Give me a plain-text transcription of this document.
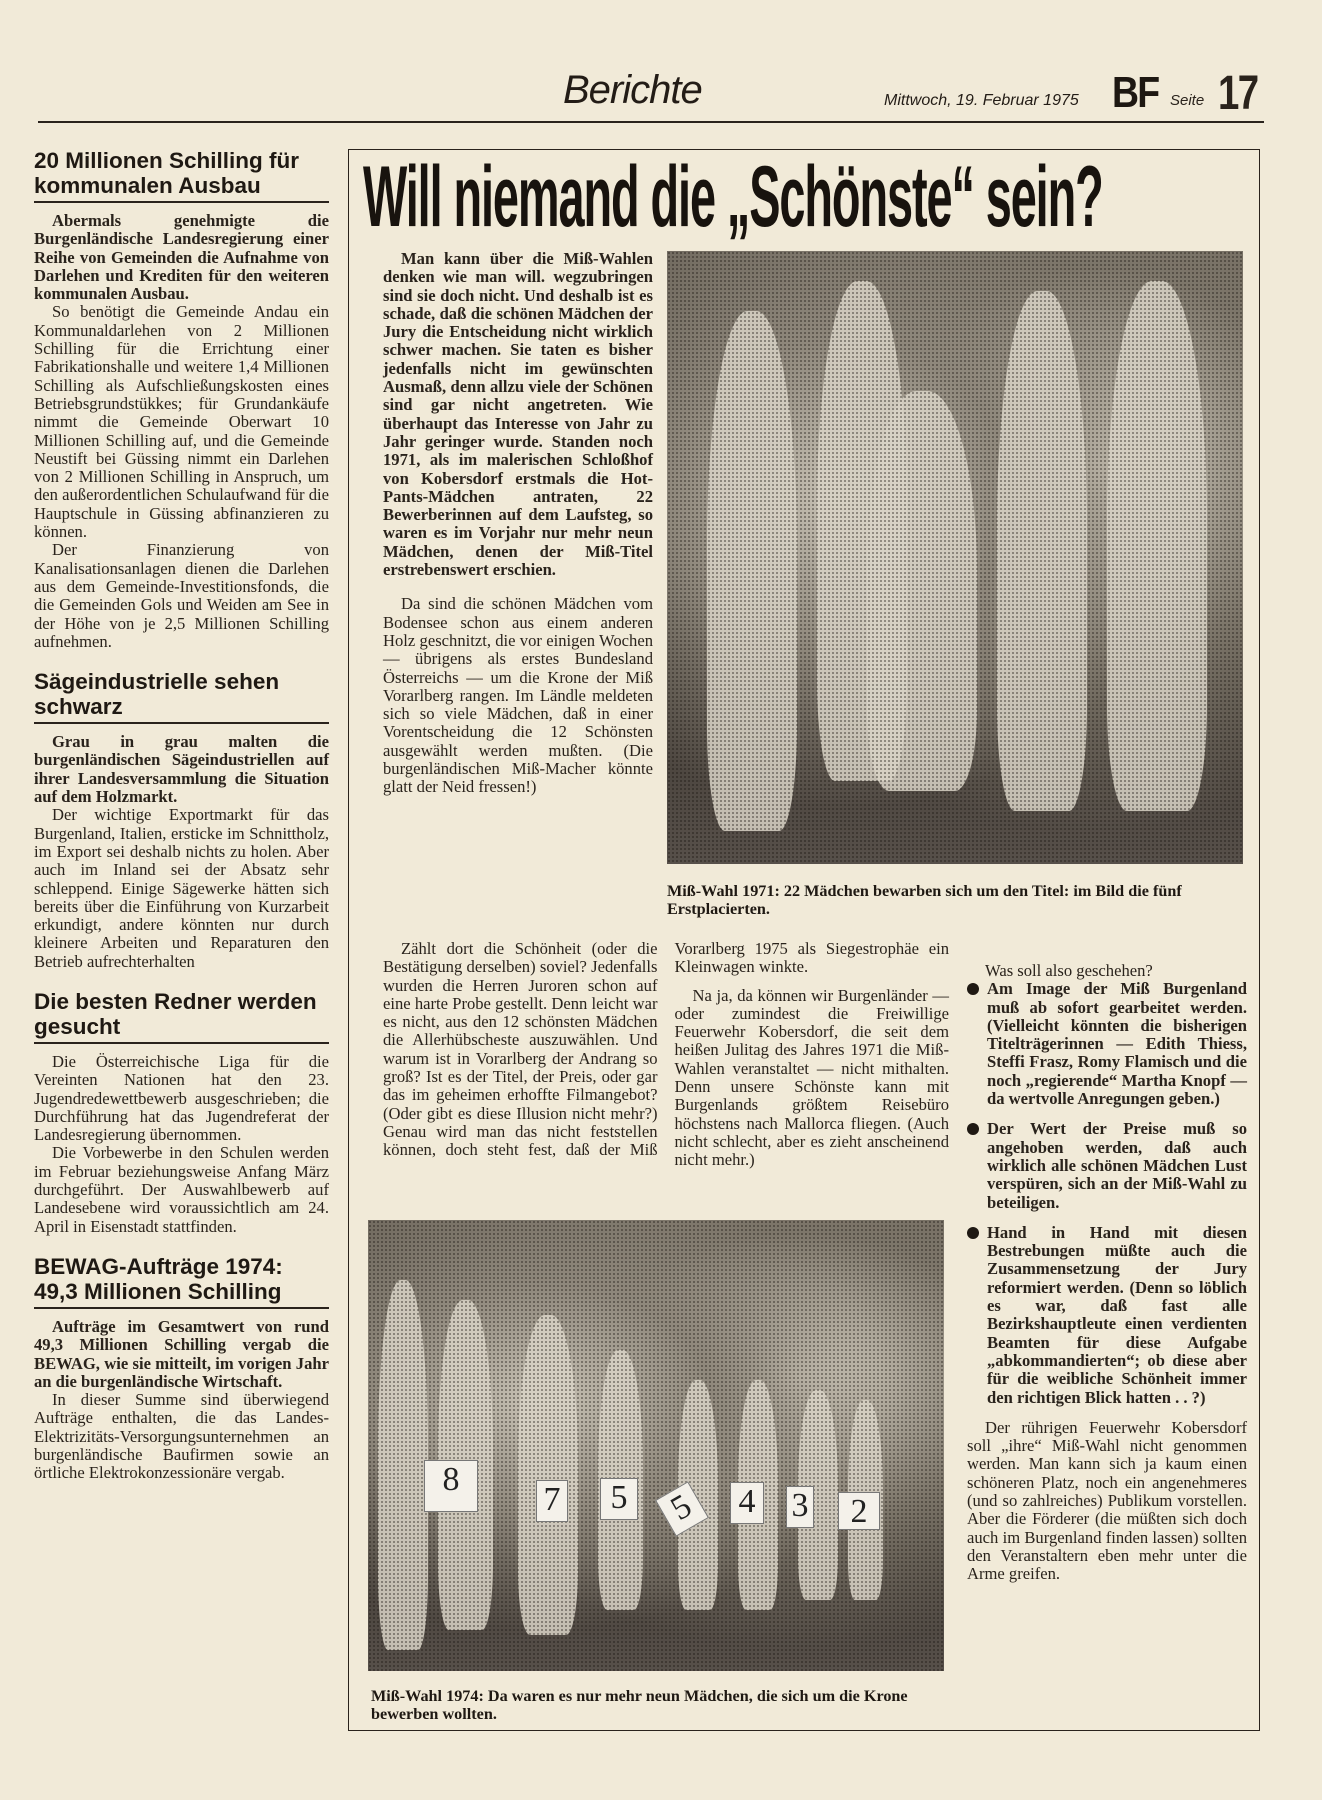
Berichte	Mittwoch, 19. Februar 1975 BF Seite 17
20 Millionen Schilling für kommunalen Ausbau

Abermals genehmigte die Burgenländische Landesregierung einer Reihe von Gemeinden die Aufnahme von Darlehen und Krediten für den weiteren kommunalen Ausbau.

So benötigt die Gemeinde Andau ein Kommunaldarlehen von 2 Millionen Schilling für die Errichtung einer Fabrikationshalle und weitere 1,4 Millionen Schilling als Aufschließungskosten eines Betriebsgrundstükkes; für Grundankäufe nimmt die Gemeinde Oberwart 10 Millionen Schilling auf, und die Gemeinde Neustift bei Güssing nimmt ein Darlehen von 2 Millionen Schilling in Anspruch, um den außerordentlichen Schulaufwand für die Hauptschule in Güssing abfinanzieren zu können.

Der Finanzierung von Kanalisationsanlagen dienen die Darlehen aus dem Gemeinde-Investitionsfonds, die die Gemeinden Gols und Weiden am See in der Höhe von je 2,5 Millionen Schilling aufnehmen.

Sägeindustrielle sehen schwarz

Grau in grau malten die burgenländischen Sägeindustriellen auf ihrer Landesversammlung die Situation auf dem Holzmarkt.

Der wichtige Exportmarkt für das Burgenland, Italien, ersticke im Schnittholz, im Export sei deshalb nichts zu holen. Aber auch im Inland sei der Absatz sehr schleppend. Einige Sägewerke hätten sich bereits über die Einführung von Kurzarbeit erkundigt, andere könnten nur durch kleinere Arbeiten und Reparaturen den Betrieb aufrechterhalten

Die besten Redner werden gesucht

Die Österreichische Liga für die Vereinten Nationen hat den 23. Jugendredewettbewerb ausgeschrieben; die Durchführung hat das Jugendreferat der Landesregierung übernommen.

Die Vorbewerbe in den Schulen werden im Februar beziehungsweise Anfang März durchgeführt. Der Auswahlbewerb auf Landesebene wird voraussichtlich am 24. April in Eisenstadt stattfinden.

BEWAG-Aufträge 1974: 49,3 Millionen Schilling

Aufträge im Gesamtwert von rund 49,3 Millionen Schilling vergab die BEWAG, wie sie mitteilt, im vorigen Jahr an die burgenländische Wirtschaft.

In dieser Summe sind überwiegend Aufträge enthalten, die das Landes-Elektrizitäts-Versorgungsunternehmen an burgenländische Baufirmen sowie an örtliche Elektrokonzessionäre vergab.

Will niemand die „Schönste“ sein?

Man kann über die Miß-Wahlen denken wie man will. wegzubringen sind sie doch nicht. Und deshalb ist es schade, daß die schönen Mädchen der Jury die Entscheidung nicht wirklich schwer machen. Sie taten es bisher jedenfalls nicht im gewünschten Ausmaß, denn allzu viele der Schönen sind gar nicht angetreten. Wie überhaupt das Interesse von Jahr zu Jahr geringer wurde. Standen noch 1971, als im malerischen Schloßhof von Kobersdorf erstmals die Hot-Pants-Mädchen antraten, 22 Bewerberinnen auf dem Laufsteg, so waren es im Vorjahr nur mehr neun Mädchen, denen der Miß-Titel erstrebenswert erschien.

Da sind die schönen Mädchen vom Bodensee schon aus einem anderen Holz geschnitzt, die vor einigen Wochen — übrigens als erstes Bundesland Österreichs — um die Krone der Miß Vorarlberg rangen. Im Ländle meldeten sich so viele Mädchen, daß in einer Vorentscheidung die 12 Schönsten ausgewählt werden mußten. (Die burgenländischen Miß-Macher könnte glatt der Neid fressen!)

Miß-Wahl 1971: 22 Mädchen bewarben sich um den Titel: im Bild die fünf Erstplacierten.

Zählt dort die Schönheit (oder die Bestätigung derselben) soviel? Jedenfalls wurden die Herren Juroren schon auf eine harte Probe gestellt. Denn leicht war es nicht, aus den 12 schönsten Mädchen die Allerhübscheste auszuwählen. Und warum ist in Vorarlberg der Andrang so groß? Ist es der Titel, der Preis, oder gar das im geheimen erhoffte Filmangebot? (Oder gibt es diese Illusion nicht mehr?) Genau wird man das nicht feststellen können, doch steht fest, daß der Miß Vorarlberg 1975 als Siegestrophäe ein Kleinwagen winkte.

Na ja, da können wir Burgenländer — oder zumindest die Freiwillige Feuerwehr Kobersdorf, die seit dem heißen Julitag des Jahres 1971 die Miß-Wahlen veranstaltet — nicht mithalten. Denn unsere Schönste kann mit Burgenlands größtem Reisebüro höchstens nach Mallorca fliegen. (Auch nicht schlecht, aber es zieht anscheinend nicht mehr.)

Was soll also geschehen?

Am Image der Miß Burgenland muß ab sofort gearbeitet werden. (Vielleicht könnten die bisherigen Titelträgerinnen — Edith Thiess, Steffi Frasz, Romy Flamisch und die noch „regierende“ Martha Knopf — da wertvolle Anregungen geben.)

Der Wert der Preise muß so angehoben werden, daß auch wirklich alle schönen Mädchen Lust verspüren, sich an der Miß-Wahl zu beteiligen.

Hand in Hand mit diesen Bestrebungen müßte auch die Zusammensetzung der Jury reformiert werden. (Denn so löblich es war, daß fast alle Bezirkshauptleute einen verdienten Beamten für diese Aufgabe „abkommandierten“; ob diese aber für die weibliche Schönheit immer den richtigen Blick hatten . . ?)

Der rührigen Feuerwehr Kobersdorf soll „ihre“ Miß-Wahl nicht genommen werden. Man kann sich ja kaum einen schöneren Platz, noch ein angenehmeres (und so zahlreiches) Publikum vorstellen. Aber die Förderer (die müßten sich doch auch im Burgenland finden lassen) sollten den Veranstaltern eben mehr unter die Arme greifen.

8
7	5	5	4 3	2
Miß-Wahl 1974: Da waren es nur mehr neun Mädchen, die sich um die Krone bewerben wollten.
